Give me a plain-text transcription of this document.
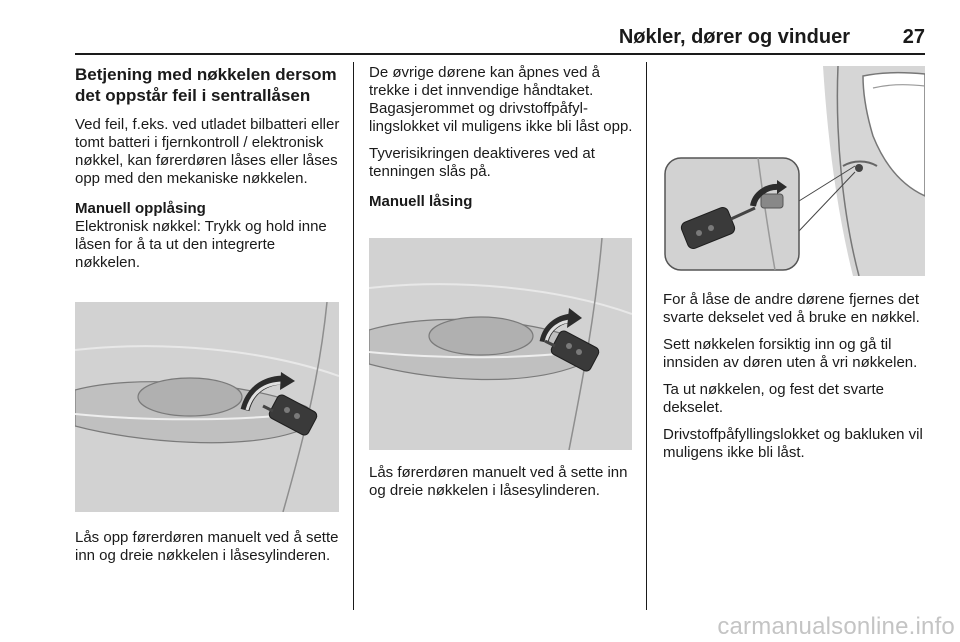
Nøkler, dører og vinduer	27
Betjening med nøkkelen dersom det oppstår feil i sentrallåsen

Ved feil, f.eks. ved utladet bilbatteri eller tomt batteri i fjernkontroll / elektronisk nøkkel, kan førerdøren låses eller låses opp med den mekaniske nøkkelen.

Manuell opplåsing

Elektronisk nøkkel: Trykk og hold inne låsen for å ta ut den integrerte nøkkelen.

Lås opp førerdøren manuelt ved å sette inn og dreie nøkkelen i låsesylinderen.

De øvrige dørene kan åpnes ved å trekke i det innvendige håndtaket. Bagasjerommet og drivstoffpåfyllingslokket vil muligens ikke bli låst opp.

Tyverisikringen deaktiveres ved at tenningen slås på.

Manuell låsing

Lås førerdøren manuelt ved å sette inn og dreie nøkkelen i låsesylinderen.

For å låse de andre dørene fjernes det svarte dekselet ved å bruke en nøkkel.

Sett nøkkelen forsiktig inn og gå til innsiden av døren uten å vri nøkkelen.

Ta ut nøkkelen, og fest det svarte dekselet.

Drivstoffpåfyllingslokket og bakluken vil muligens ikke bli låst.

carmanualsonline.info
